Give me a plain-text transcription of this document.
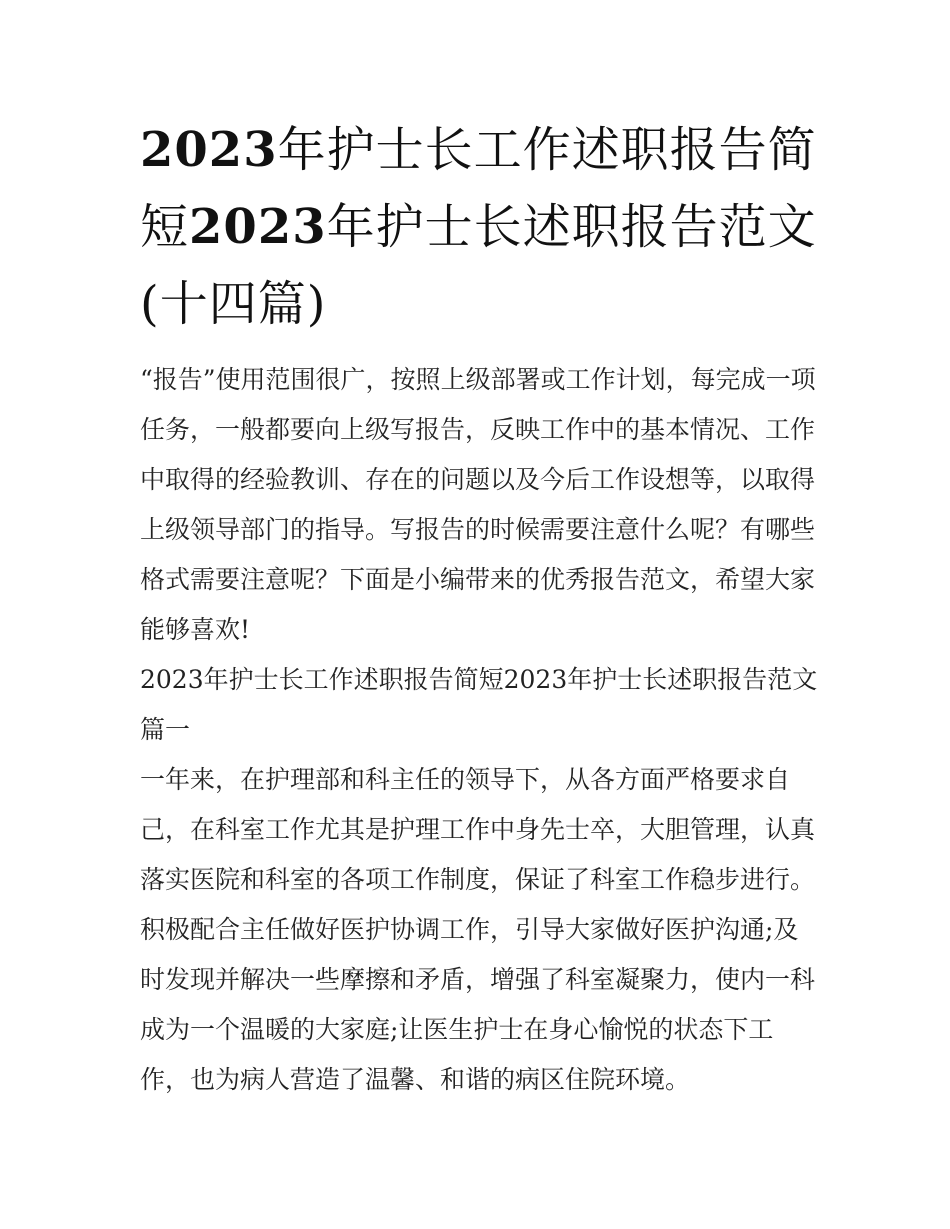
2023年护士长工作述职报告简短2023年护士长述职报告范文(十四篇)

“报告”使用范围很广，按照上级部署或工作计划，每完成一项任务，一般都要向上级写报告，反映工作中的基本情况、工作中取得的经验教训、存在的问题以及今后工作设想等，以取得上级领导部门的指导。写报告的时候需要注意什么呢？有哪些格式需要注意呢？下面是小编带来的优秀报告范文，希望大家能够喜欢!

2023年护士长工作述职报告简短2023年护士长述职报告范文篇一

一年来，在护理部和科主任的领导下，从各方面严格要求自己，在科室工作尤其是护理工作中身先士卒，大胆管理，认真落实医院和科室的各项工作制度，保证了科室工作稳步进行。积极配合主任做好医护协调工作，引导大家做好医护沟通;及时发现并解决一些摩擦和矛盾，增强了科室凝聚力，使内一科成为一个温暖的大家庭;让医生护士在身心愉悦的状态下工作，也为病人营造了温馨、和谐的病区住院环境。
